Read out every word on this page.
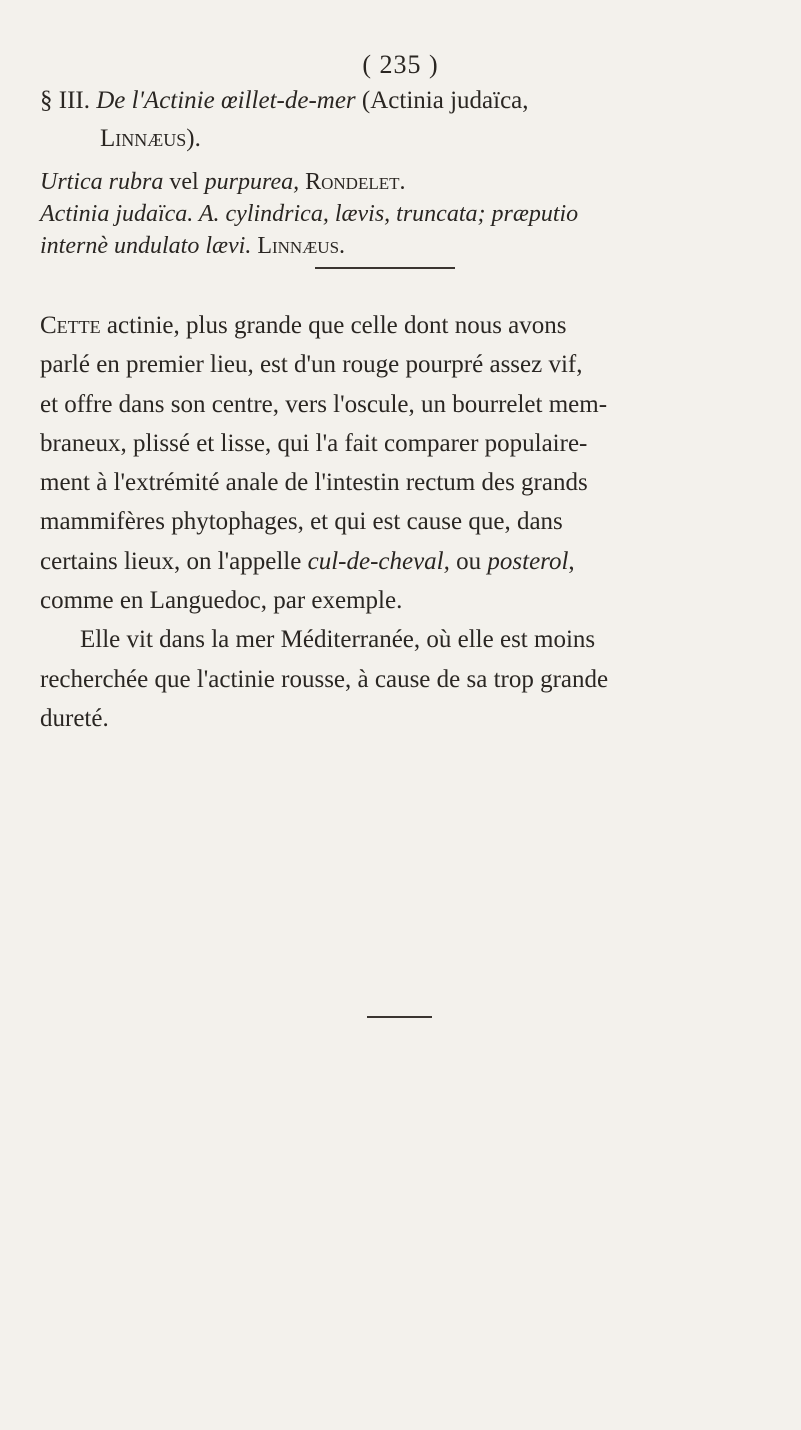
( 235 )
§ III. De l'Actinie œillet-de-mer (Actinia judaïca,
Linnæus).
Urtica rubra vel purpurea, Rondelet.
Actinia judaïca. A. cylindrica, lævis, truncata; præputio
internè undulato lævi. Linnæus.
Cette actinie, plus grande que celle dont nous avons
parlé en premier lieu, est d'un rouge pourpré assez vif,
et offre dans son centre, vers l'oscule, un bourrelet mem-
braneux, plissé et lisse, qui l'a fait comparer populaire-
ment à l'extrémité anale de l'intestin rectum des grands
mammifères phytophages, et qui est cause que, dans
certains lieux, on l'appelle cul-de-cheval, ou posterol,
comme en Languedoc, par exemple.
Elle vit dans la mer Méditerranée, où elle est moins
recherchée que l'actinie rousse, à cause de sa trop grande
dureté.
